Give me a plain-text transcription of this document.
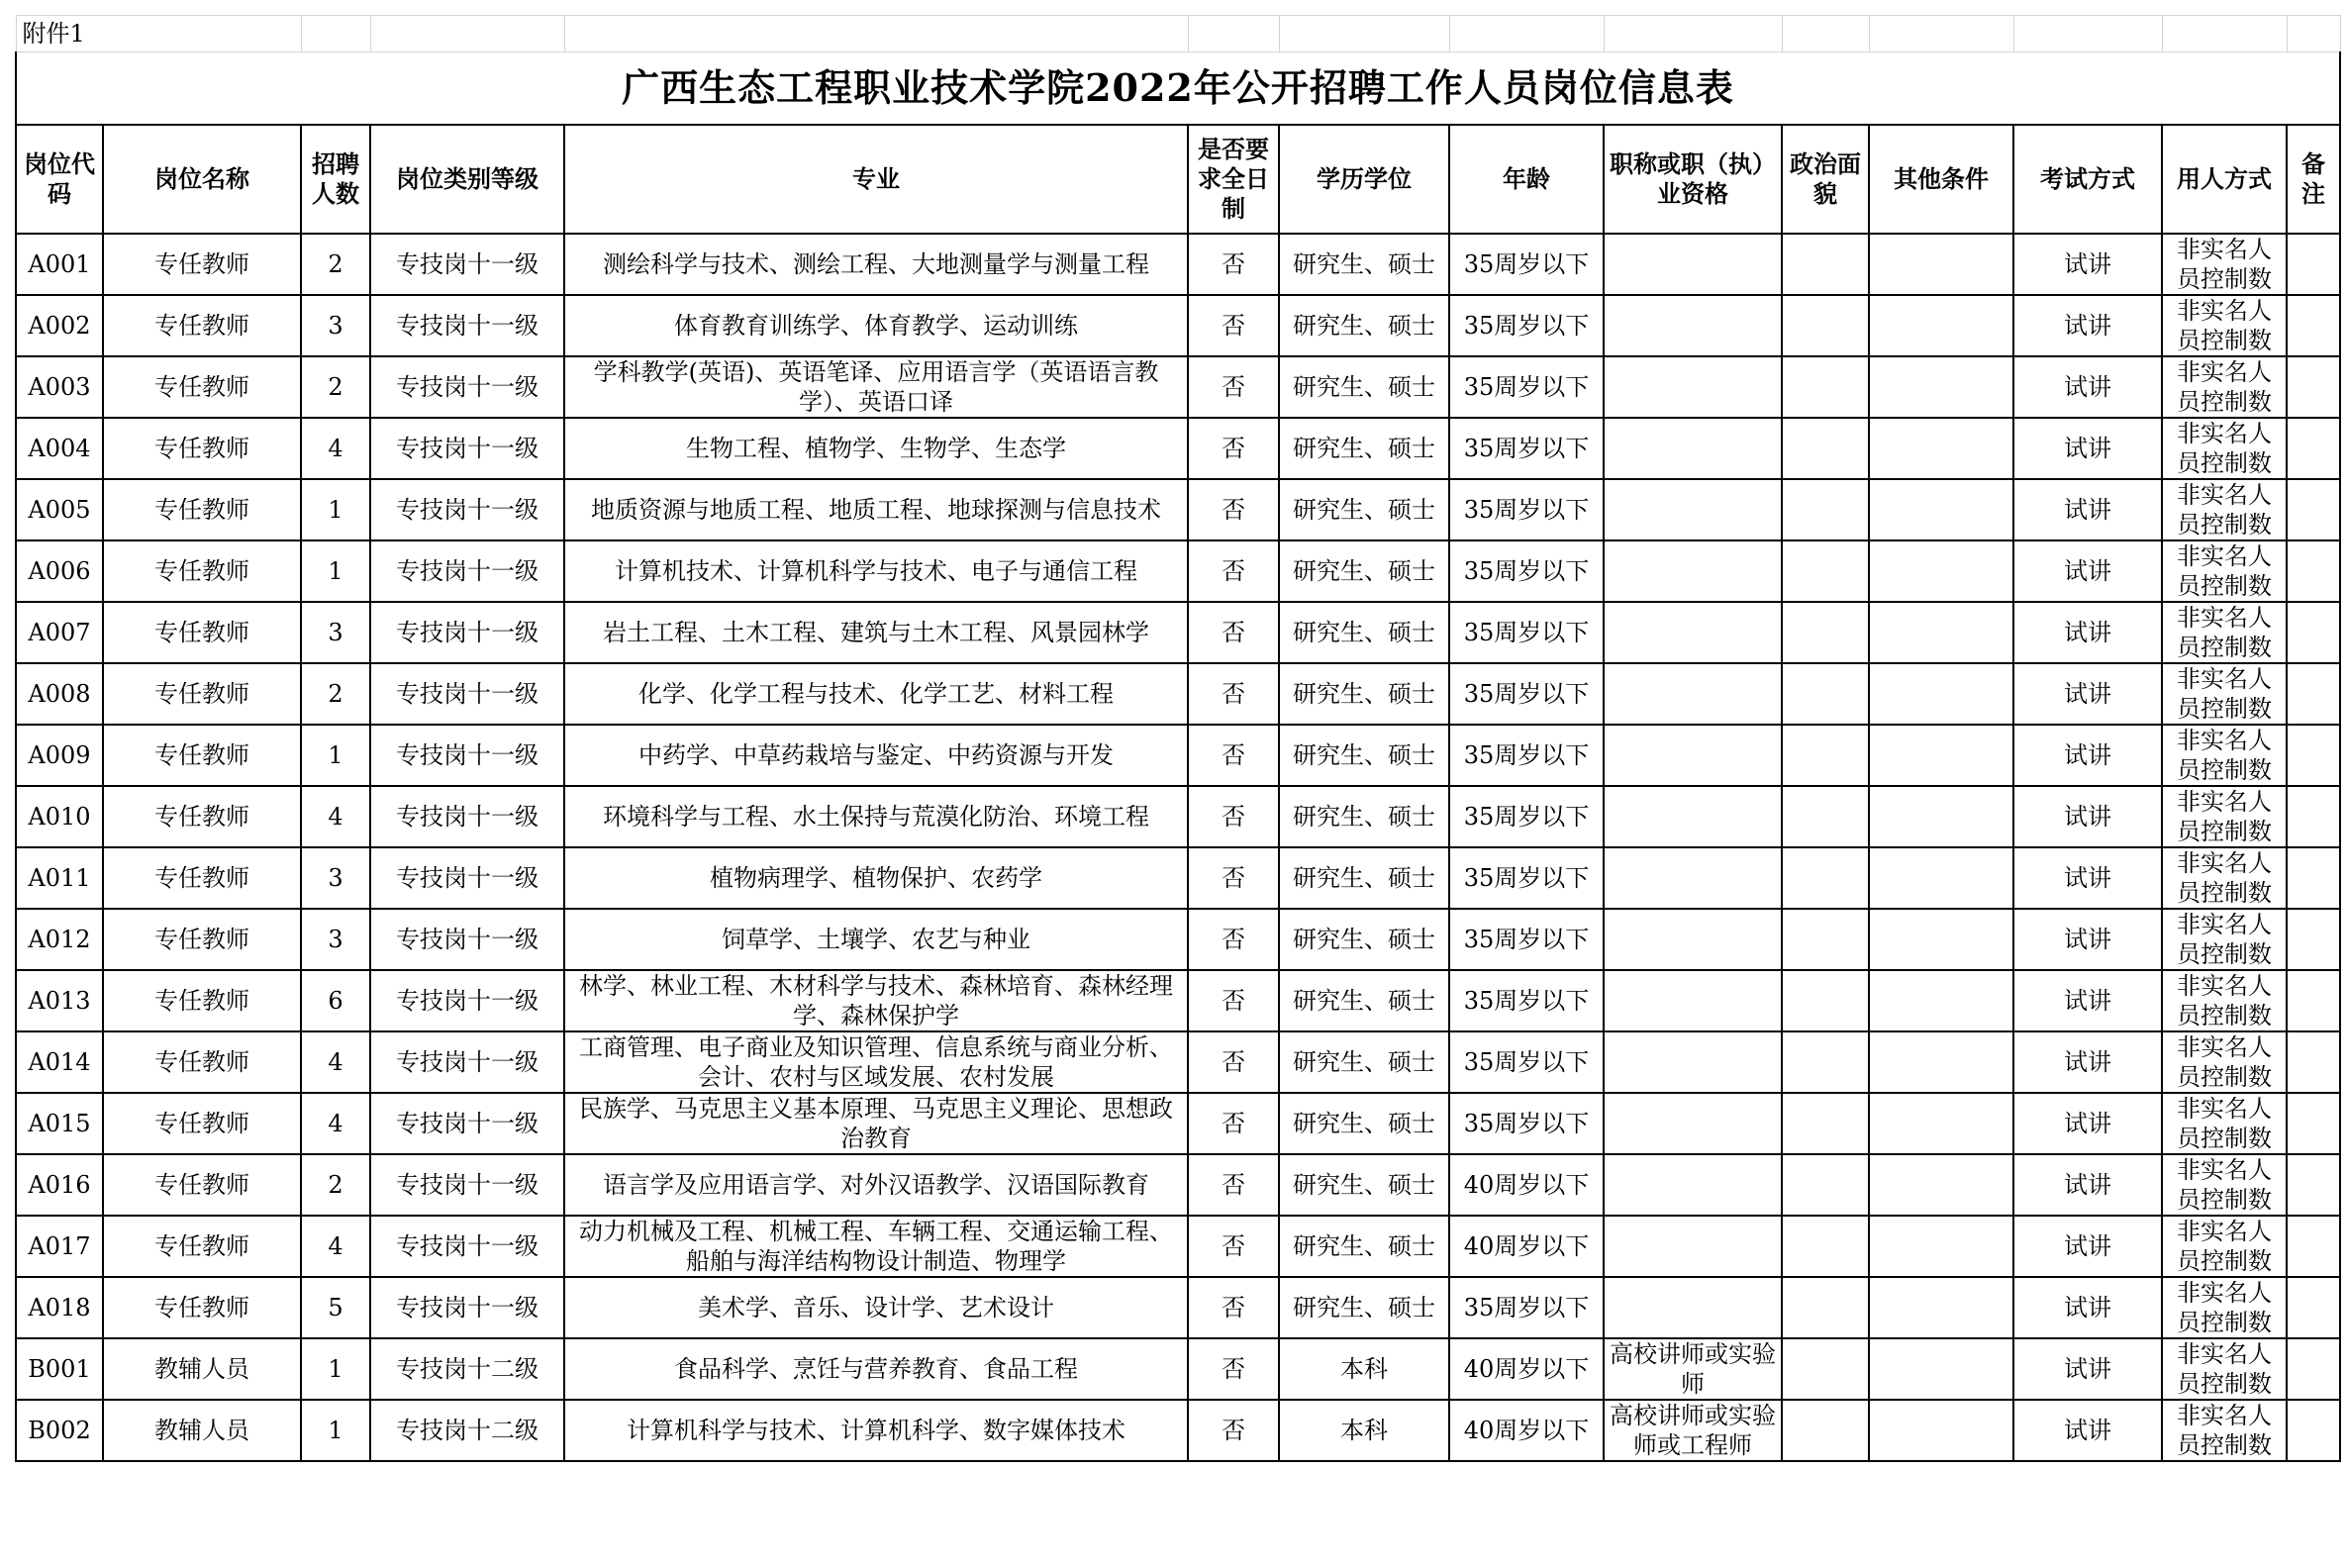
附件1													
广西生态工程职业技术学院2022年公开招聘工作人员岗位信息表													
岗位代码	岗位名称	招聘人数	岗位类别等级	专业	是否要求全日制	学历学位	年龄	职称或职（执）业资格	政治面貌	其他条件	考试方式	用人方式	备注
A001	专任教师	2	专技岗十一级	测绘科学与技术、测绘工程、大地测量学与测量工程	否	研究生、硕士	35周岁以下				试讲	非实名人员控制数	
A002	专任教师	3	专技岗十一级	体育教育训练学、体育教学、运动训练	否	研究生、硕士	35周岁以下				试讲	非实名人员控制数	
A003	专任教师	2	专技岗十一级	学科教学(英语)、英语笔译、应用语言学（英语语言教学）、英语口译	否	研究生、硕士	35周岁以下				试讲	非实名人员控制数	
A004	专任教师	4	专技岗十一级	生物工程、植物学、生物学、生态学	否	研究生、硕士	35周岁以下				试讲	非实名人员控制数	
A005	专任教师	1	专技岗十一级	地质资源与地质工程、地质工程、地球探测与信息技术	否	研究生、硕士	35周岁以下				试讲	非实名人员控制数	
A006	专任教师	1	专技岗十一级	计算机技术、计算机科学与技术、电子与通信工程	否	研究生、硕士	35周岁以下				试讲	非实名人员控制数	
A007	专任教师	3	专技岗十一级	岩土工程、土木工程、建筑与土木工程、风景园林学	否	研究生、硕士	35周岁以下				试讲	非实名人员控制数	
A008	专任教师	2	专技岗十一级	化学、化学工程与技术、化学工艺、材料工程	否	研究生、硕士	35周岁以下				试讲	非实名人员控制数	
A009	专任教师	1	专技岗十一级	中药学、中草药栽培与鉴定、中药资源与开发	否	研究生、硕士	35周岁以下				试讲	非实名人员控制数	
A010	专任教师	4	专技岗十一级	环境科学与工程、水土保持与荒漠化防治、环境工程	否	研究生、硕士	35周岁以下				试讲	非实名人员控制数	
A011	专任教师	3	专技岗十一级	植物病理学、植物保护、农药学	否	研究生、硕士	35周岁以下				试讲	非实名人员控制数	
A012	专任教师	3	专技岗十一级	饲草学、土壤学、农艺与种业	否	研究生、硕士	35周岁以下				试讲	非实名人员控制数	
A013	专任教师	6	专技岗十一级	林学、林业工程、木材科学与技术、森林培育、森林经理学、森林保护学	否	研究生、硕士	35周岁以下				试讲	非实名人员控制数	
A014	专任教师	4	专技岗十一级	工商管理、电子商业及知识管理、信息系统与商业分析、会计、农村与区域发展、农村发展	否	研究生、硕士	35周岁以下				试讲	非实名人员控制数	
A015	专任教师	4	专技岗十一级	民族学、马克思主义基本原理、马克思主义理论、思想政治教育	否	研究生、硕士	35周岁以下				试讲	非实名人员控制数	
A016	专任教师	2	专技岗十一级	语言学及应用语言学、对外汉语教学、汉语国际教育	否	研究生、硕士	40周岁以下				试讲	非实名人员控制数	
A017	专任教师	4	专技岗十一级	动力机械及工程、机械工程、车辆工程、交通运输工程、船舶与海洋结构物设计制造、物理学	否	研究生、硕士	40周岁以下				试讲	非实名人员控制数	
A018	专任教师	5	专技岗十一级	美术学、音乐、设计学、艺术设计	否	研究生、硕士	35周岁以下				试讲	非实名人员控制数	
B001	教辅人员	1	专技岗十二级	食品科学、烹饪与营养教育、食品工程	否	本科	40周岁以下	高校讲师或实验师			试讲	非实名人员控制数	
B002	教辅人员	1	专技岗十二级	计算机科学与技术、计算机科学、数字媒体技术	否	本科	40周岁以下	高校讲师或实验师或工程师			试讲	非实名人员控制数	
